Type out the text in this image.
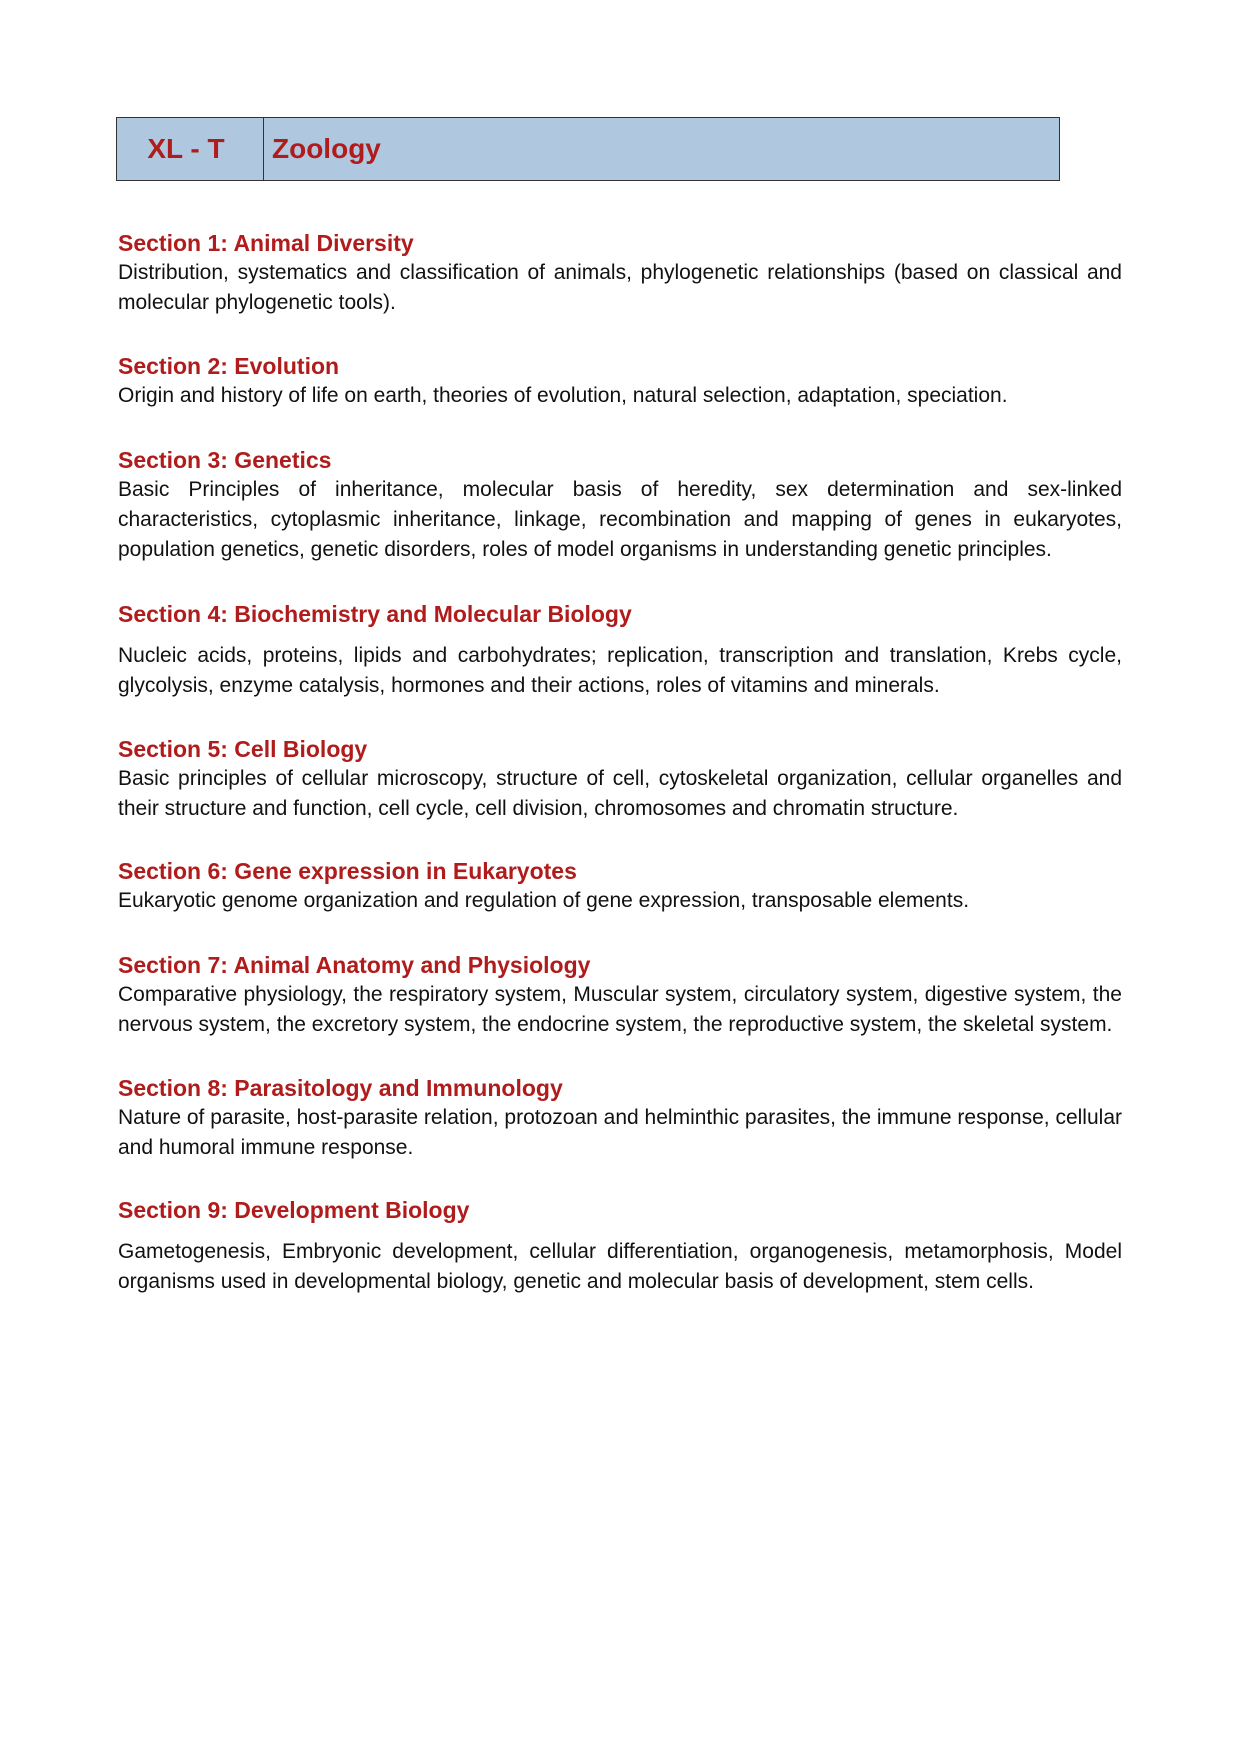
XL - T	Zoology

Section 1: Animal Diversity

Distribution, systematics and classification of animals, phylogenetic relationships (based on classical and molecular phylogenetic tools).

Section 2: Evolution

Origin and history of life on earth, theories of evolution, natural selection, adaptation, speciation.

Section 3: Genetics

Basic Principles of inheritance, molecular basis of heredity, sex determination and sex-linked characteristics, cytoplasmic inheritance, linkage, recombination and mapping of genes in eukaryotes, population genetics, genetic disorders, roles of model organisms in understanding genetic principles.

Section 4: Biochemistry and Molecular Biology

Nucleic acids, proteins, lipids and carbohydrates; replication, transcription and translation, Krebs cycle, glycolysis, enzyme catalysis, hormones and their actions, roles of vitamins and minerals.

Section 5: Cell Biology

Basic principles of cellular microscopy, structure of cell, cytoskeletal organization, cellular organelles and their structure and function, cell cycle, cell division, chromosomes and chromatin structure.

Section 6: Gene expression in Eukaryotes

Eukaryotic genome organization and regulation of gene expression, transposable elements.

Section 7: Animal Anatomy and Physiology

Comparative physiology, the respiratory system, Muscular system, circulatory system, digestive system, the nervous system, the excretory system, the endocrine system, the reproductive system, the skeletal system.

Section 8: Parasitology and Immunology

Nature of parasite, host-parasite relation, protozoan and helminthic parasites, the immune response, cellular and humoral immune response.

Section 9: Development Biology

Gametogenesis, Embryonic development, cellular differentiation, organogenesis, metamorphosis, Model organisms used in developmental biology, genetic and molecular basis of development, stem cells.
